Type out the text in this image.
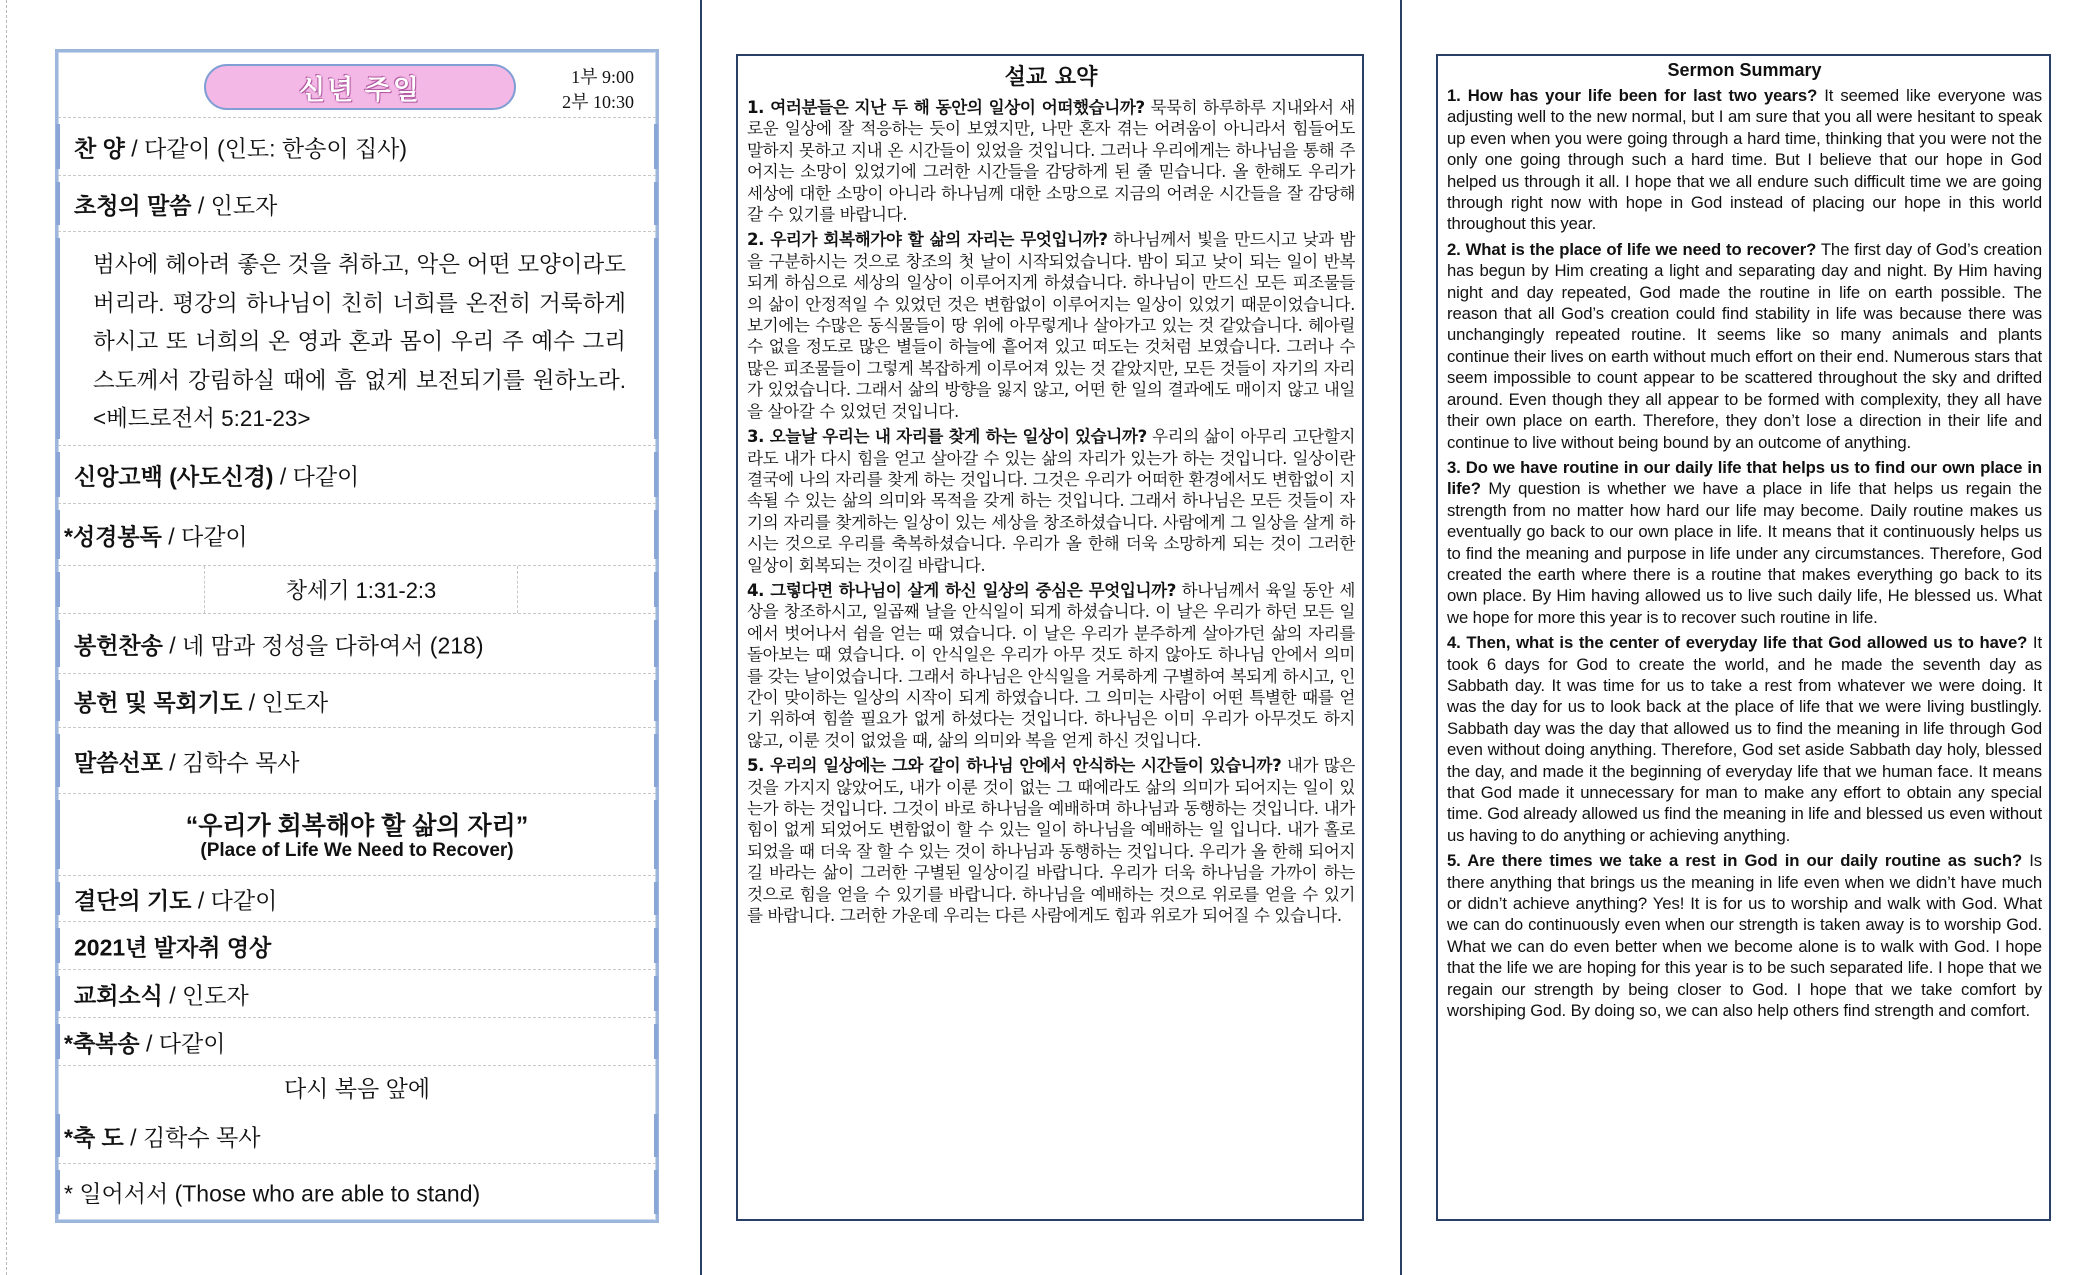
신년 주일	1부 9:00
2부 10:30
찬 양 / 다같이 (인도: 한송이 집사)
초청의 말씀 / 인도자
범사에 헤아려 좋은 것을 취하고, 악은 어떤 모양이라도 버리라. 평강의 하나님이 친히 너희를 온전히 거룩하게 하시고 또 너희의 온 영과 혼과 몸이 우리 주 예수 그리스도께서 강림하실 때에 흠 없게 보전되기를 원하노라. <베드로전서 5:21-23>
신앙고백 (사도신경) / 다같이
*성경봉독 / 다같이
창세기 1:31-2:3
봉헌찬송 / 네 맘과 정성을 다하여서 (218)
봉헌 및 목회기도 / 인도자
말씀선포 / 김학수 목사
“우리가 회복해야 할 삶의 자리”
(Place of Life We Need to Recover)
결단의 기도 / 다같이
2021년 발자취 영상
교회소식 / 인도자
*축복송 / 다같이
다시 복음 앞에
*축 도 / 김학수 목사
* 일어서서 (Those who are able to stand)
설교 요약

1. 여러분들은 지난 두 해 동안의 일상이 어떠했습니까? 묵묵히 하루하루 지내와서 새로운 일상에 잘 적응하는 듯이 보였지만, 나만 혼자 겪는 어려움이 아니라서 힘들어도 말하지 못하고 지내 온 시간들이 있었을 것입니다. 그러나 우리에게는 하나님을 통해 주어지는 소망이 있었기에 그러한 시간들을 감당하게 된 줄 믿습니다. 올 한해도 우리가 세상에 대한 소망이 아니라 하나님께 대한 소망으로 지금의 어려운 시간들을 잘 감당해 갈 수 있기를 바랍니다.

2. 우리가 회복해가야 할 삶의 자리는 무엇입니까? 하나님께서 빛을 만드시고 낮과 밤을 구분하시는 것으로 창조의 첫 날이 시작되었습니다. 밤이 되고 낮이 되는 일이 반복되게 하심으로 세상의 일상이 이루어지게 하셨습니다. 하나님이 만드신 모든 피조물들의 삶이 안정적일 수 있었던 것은 변함없이 이루어지는 일상이 있었기 때문이었습니다. 보기에는 수많은 동식물들이 땅 위에 아무렇게나 살아가고 있는 것 같았습니다. 헤아릴 수 없을 정도로 많은 별들이 하늘에 흩어져 있고 떠도는 것처럼 보였습니다. 그러나 수많은 피조물들이 그렇게 복잡하게 이루어져 있는 것 같았지만, 모든 것들이 자기의 자리가 있었습니다. 그래서 삶의 방향을 잃지 않고, 어떤 한 일의 결과에도 매이지 않고 내일을 살아갈 수 있었던 것입니다.

3. 오늘날 우리는 내 자리를 찾게 하는 일상이 있습니까? 우리의 삶이 아무리 고단할지라도 내가 다시 힘을 얻고 살아갈 수 있는 삶의 자리가 있는가 하는 것입니다. 일상이란 결국에 나의 자리를 찾게 하는 것입니다. 그것은 우리가 어떠한 환경에서도 변함없이 지속될 수 있는 삶의 의미와 목적을 갖게 하는 것입니다. 그래서 하나님은 모든 것들이 자기의 자리를 찾게하는 일상이 있는 세상을 창조하셨습니다. 사람에게 그 일상을 살게 하시는 것으로 우리를 축복하셨습니다. 우리가 올 한해 더욱 소망하게 되는 것이 그러한 일상이 회복되는 것이길 바랍니다.

4. 그렇다면 하나님이 살게 하신 일상의 중심은 무엇입니까? 하나님께서 육일 동안 세상을 창조하시고, 일곱째 날을 안식일이 되게 하셨습니다. 이 날은 우리가 하던 모든 일에서 벗어나서 쉼을 얻는 때 였습니다. 이 날은 우리가 분주하게 살아가던 삶의 자리를 돌아보는 때 였습니다. 이 안식일은 우리가 아무 것도 하지 않아도 하나님 안에서 의미를 갖는 날이었습니다. 그래서 하나님은 안식일을 거룩하게 구별하여 복되게 하시고, 인간이 맞이하는 일상의 시작이 되게 하였습니다. 그 의미는 사람이 어떤 특별한 때를 얻기 위하여 힘쓸 필요가 없게 하셨다는 것입니다. 하나님은 이미 우리가 아무것도 하지 않고, 이룬 것이 없었을 때, 삶의 의미와 복을 얻게 하신 것입니다.

5. 우리의 일상에는 그와 같이 하나님 안에서 안식하는 시간들이 있습니까? 내가 많은 것을 가지지 않았어도, 내가 이룬 것이 없는 그 때에라도 삶의 의미가 되어지는 일이 있는가 하는 것입니다. 그것이 바로 하나님을 예배하며 하나님과 동행하는 것입니다. 내가 힘이 없게 되었어도 변함없이 할 수 있는 일이 하나님을 예배하는 일 입니다. 내가 홀로 되었을 때 더욱 잘 할 수 있는 것이 하나님과 동행하는 것입니다. 우리가 올 한해 되어지길 바라는 삶이 그러한 구별된 일상이길 바랍니다. 우리가 더욱 하나님을 가까이 하는 것으로 힘을 얻을 수 있기를 바랍니다. 하나님을 예배하는 것으로 위로를 얻을 수 있기를 바랍니다. 그러한 가운데 우리는 다른 사람에게도 힘과 위로가 되어질 수 있습니다.

Sermon Summary

1. How has your life been for last two years? It seemed like everyone was adjusting well to the new normal, but I am sure that you all were hesitant to speak up even when you were going through a hard time, thinking that you were not the only one going through such a hard time. But I believe that our hope in God helped us through it all. I hope that we all endure such difficult time we are going through right now with hope in God instead of placing our hope in this world throughout this year.

2. What is the place of life we need to recover? The first day of God’s creation has begun by Him creating a light and separating day and night. By Him having night and day repeated, God made the routine in life on earth possible. The reason that all God’s creation could find stability in life was because there was unchangingly repeated routine. It seems like so many animals and plants continue their lives on earth without much effort on their end. Numerous stars that seem impossible to count appear to be scattered throughout the sky and drifted around. Even though they all appear to be formed with complexity, they all have their own place on earth. Therefore, they don’t lose a direction in their life and continue to live without being bound by an outcome of anything.

3. Do we have routine in our daily life that helps us to find our own place in life? My question is whether we have a place in life that helps us regain the strength from no matter how hard our life may become. Daily routine makes us eventually go back to our own place in life. It means that it continuously helps us to find the meaning and purpose in life under any circumstances. Therefore, God created the earth where there is a routine that makes everything go back to its own place. By Him having allowed us to live such daily life, He blessed us. What we hope for more this year is to recover such routine in life.

4. Then, what is the center of everyday life that God allowed us to have? It took 6 days for God to create the world, and he made the seventh day as Sabbath day. It was time for us to take a rest from whatever we were doing. It was the day for us to look back at the place of life that we were living bustlingly. Sabbath day was the day that allowed us to find the meaning in life through God even without doing anything. Therefore, God set aside Sabbath day holy, blessed the day, and made it the beginning of everyday life that we human face. It means that God made it unnecessary for man to make any effort to obtain any special time. God already allowed us find the meaning in life and blessed us even without us having to do anything or achieving anything.

5. Are there times we take a rest in God in our daily routine as such? Is there anything that brings us the meaning in life even when we didn’t have much or didn’t achieve anything? Yes! It is for us to worship and walk with God. What we can do continuously even when our strength is taken away is to worship God. What we can do even better when we become alone is to walk with God. I hope that the life we are hoping for this year is to be such separated life. I hope that we regain our strength by being closer to God. I hope that we take comfort by worshiping God. By doing so, we can also help others find strength and comfort.
